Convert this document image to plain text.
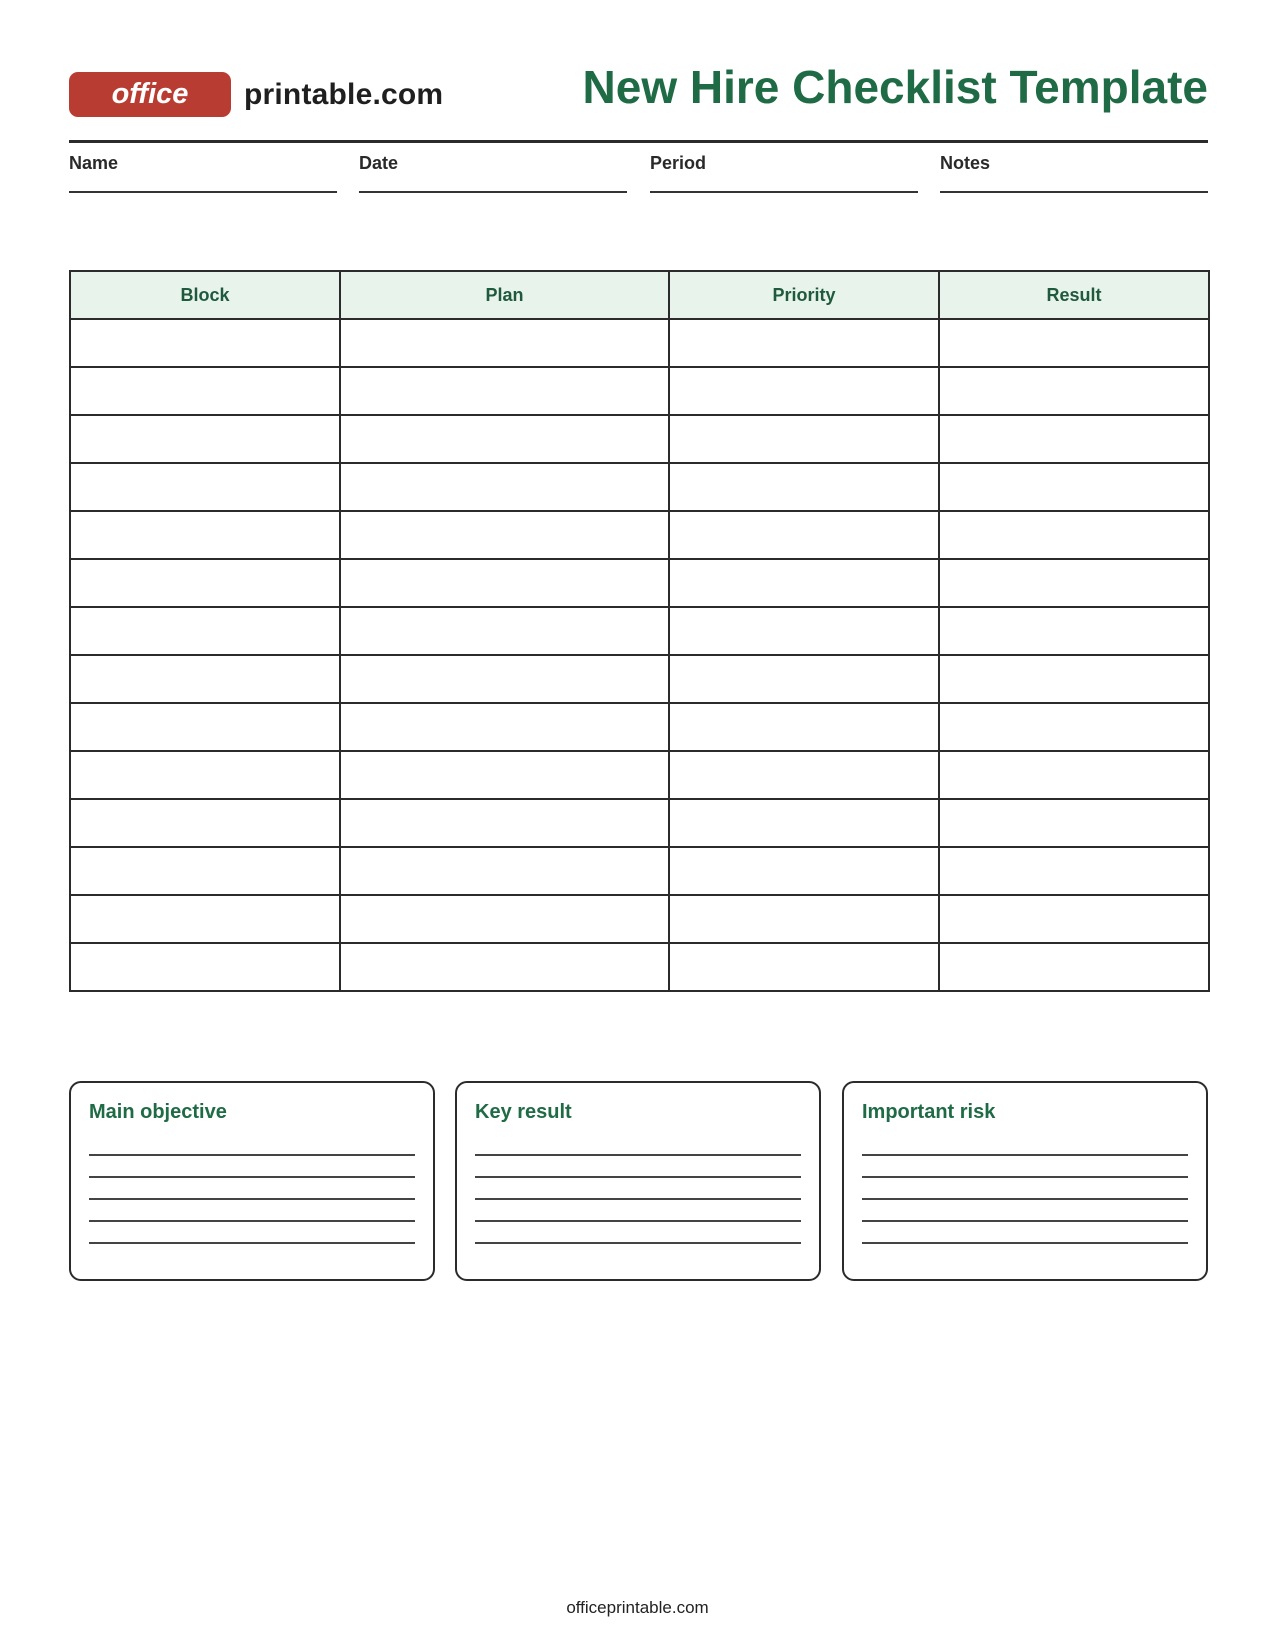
office	printable.com	New Hire Checklist Template
Name	Date	Period	Notes
Block	Plan	Priority	Result

Main objective	Key result	Important risk
officeprintable.com
